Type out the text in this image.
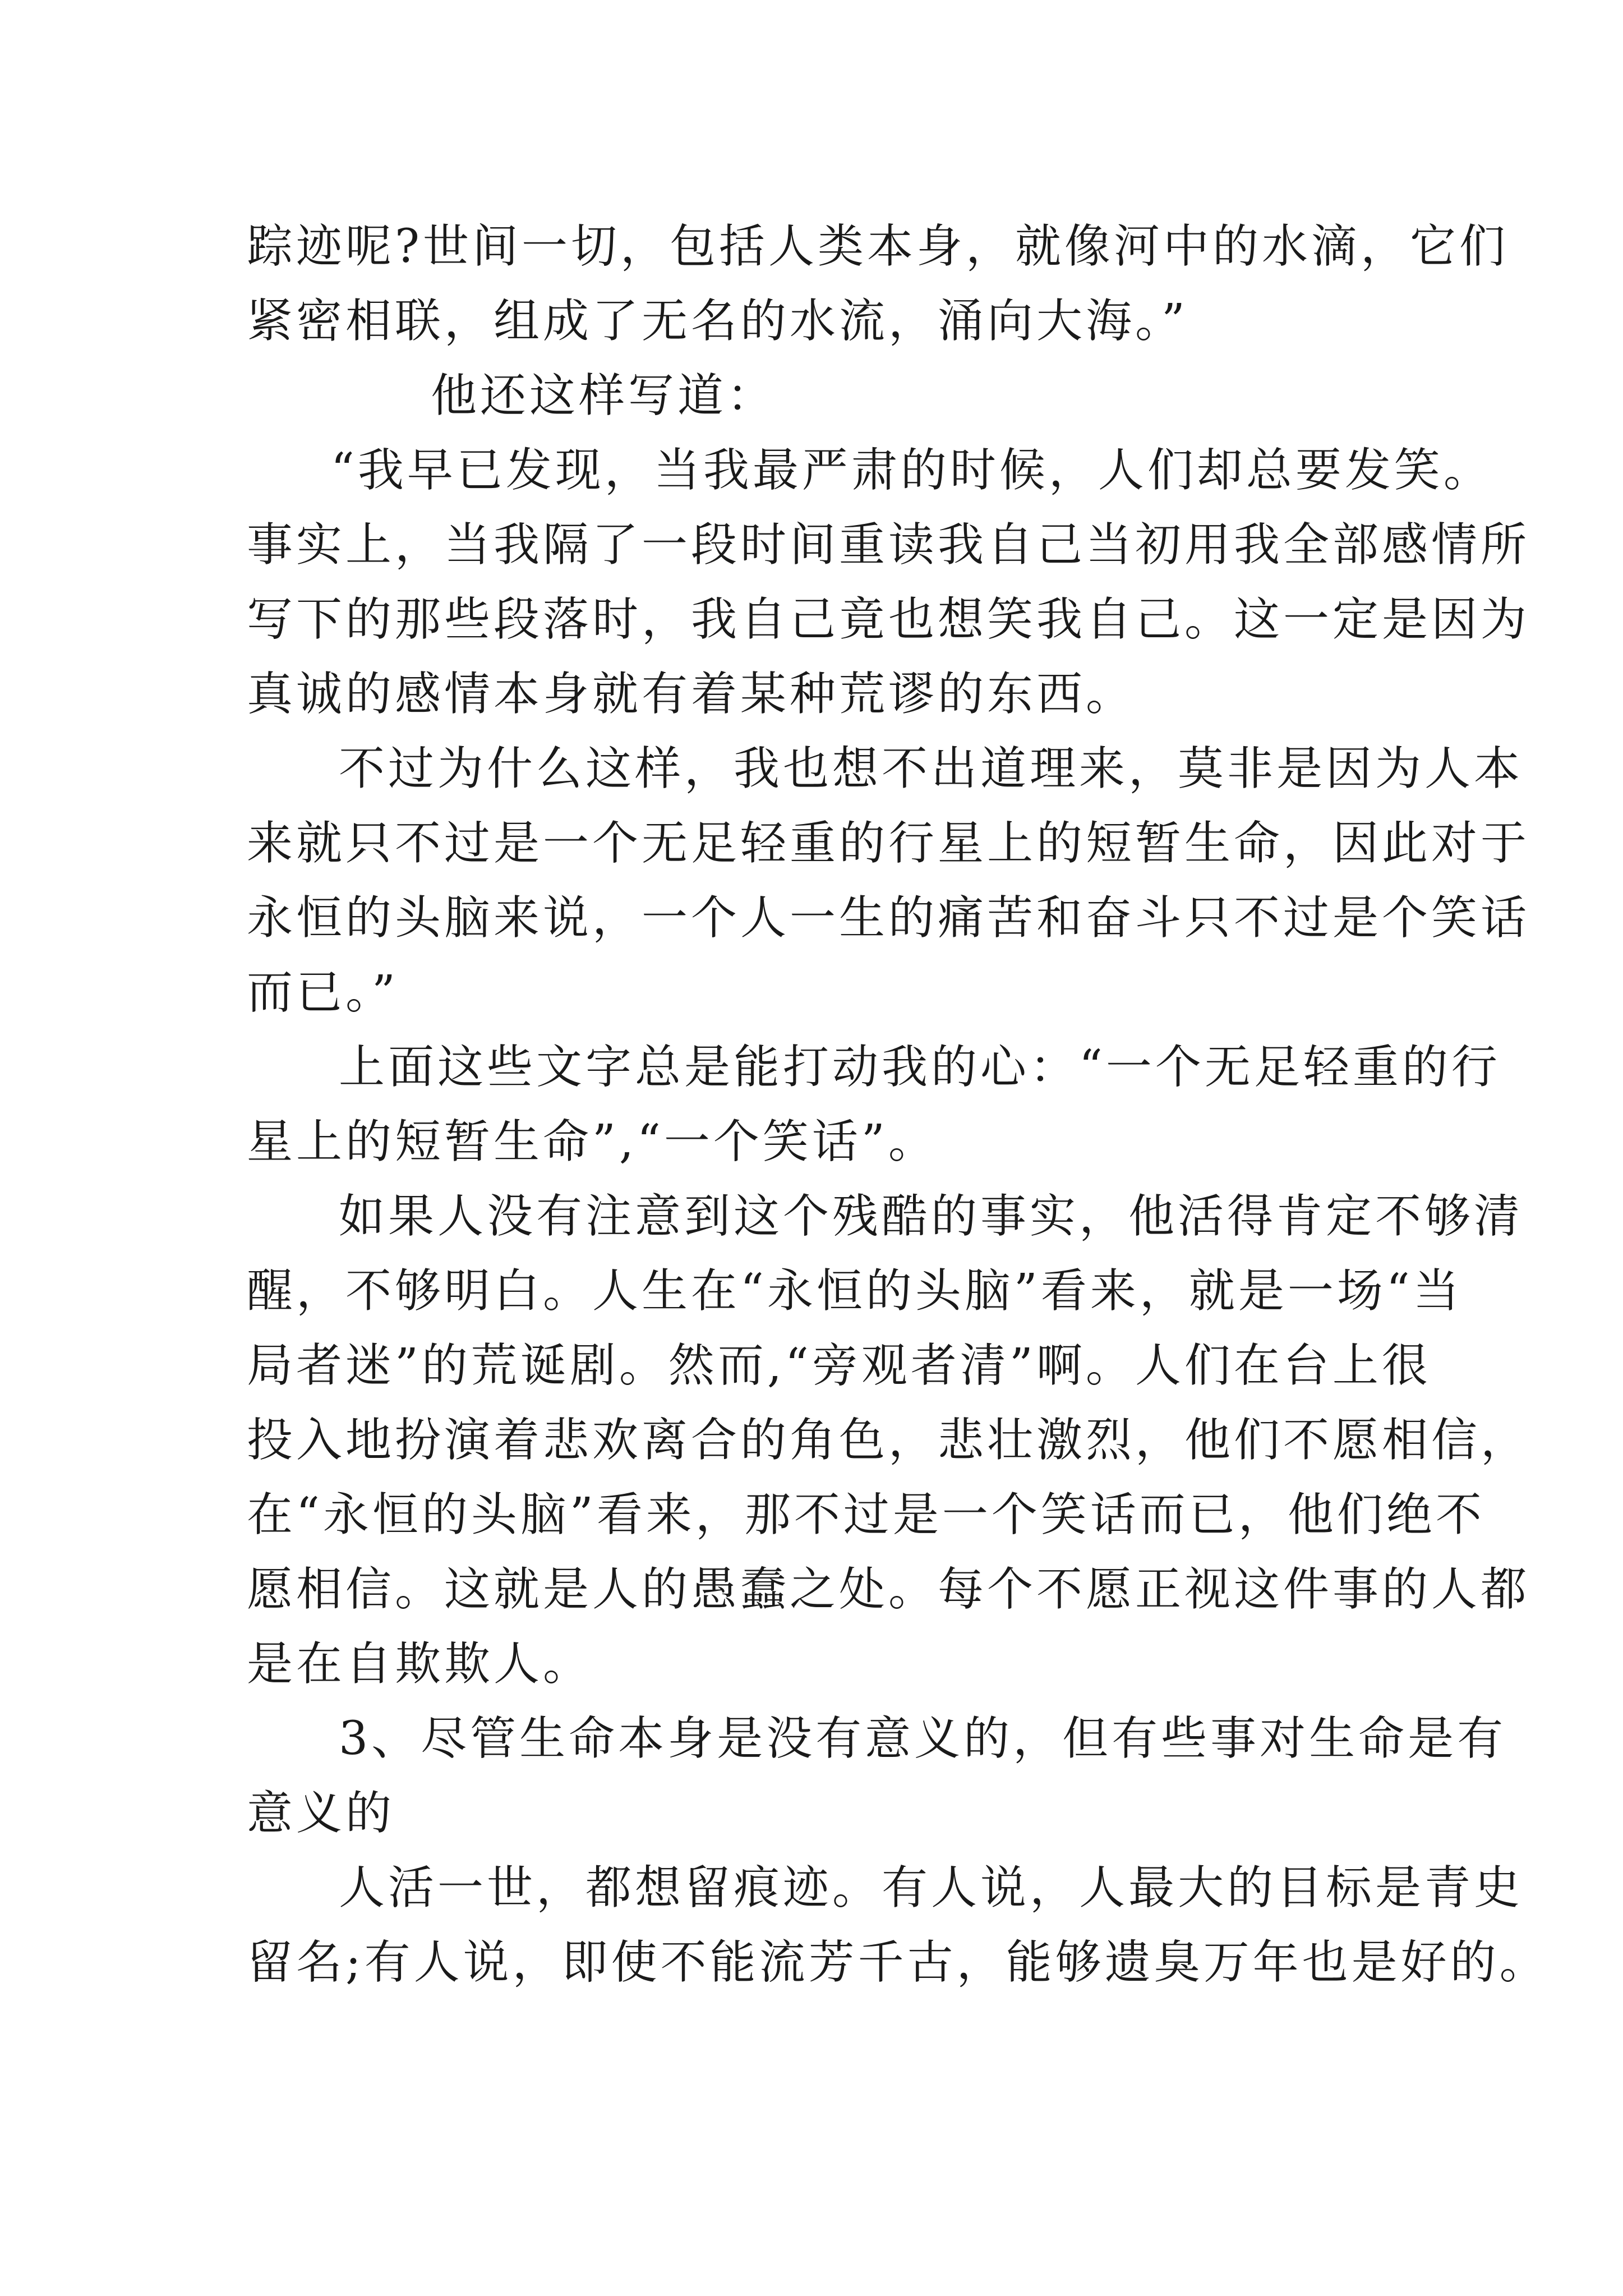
踪迹呢?世间一切，包括人类本身，就像河中的水滴，它们
紧密相联，组成了无名的水流，涌向大海。”
他还这样写道：
“我早已发现，当我最严肃的时候，人们却总要发笑。
事实上，当我隔了一段时间重读我自己当初用我全部感情所
写下的那些段落时，我自己竟也想笑我自己。这一定是因为
真诚的感情本身就有着某种荒谬的东西。
不过为什么这样，我也想不出道理来，莫非是因为人本
来就只不过是一个无足轻重的行星上的短暂生命，因此对于
永恒的头脑来说，一个人一生的痛苦和奋斗只不过是个笑话
而已。”
上面这些文字总是能打动我的心：“一个无足轻重的行
星上的短暂生命”,“一个笑话”。
如果人没有注意到这个残酷的事实，他活得肯定不够清
醒，不够明白。人生在“永恒的头脑”看来，就是一场“当
局者迷”的荒诞剧。然而,“旁观者清”啊。人们在台上很
投入地扮演着悲欢离合的角色，悲壮激烈，他们不愿相信，
在“永恒的头脑”看来，那不过是一个笑话而已，他们绝不
愿相信。这就是人的愚蠢之处。每个不愿正视这件事的人都
是在自欺欺人。
3、尽管生命本身是没有意义的，但有些事对生命是有
意义的
人活一世，都想留痕迹。有人说，人最大的目标是青史
留名;有人说，即使不能流芳千古，能够遗臭万年也是好的。
